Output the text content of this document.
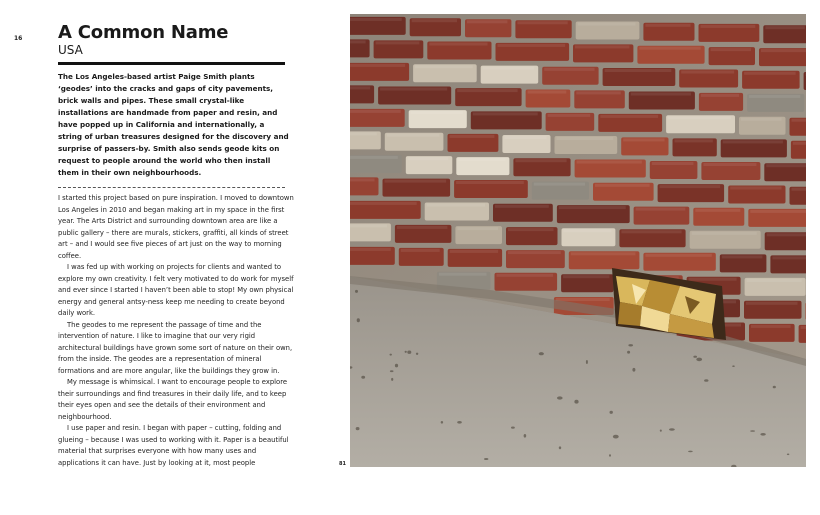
16 A Common Name
USA
The Los Angeles-based artist Paige Smith plants ‘geodes’ into the cracks and gaps of city pavements, brick walls and pipes. These small crystal-like installations are handmade from paper and resin, and have popped up in California and internationally, a string of urban treasures designed for the discovery and surprise of passers-by. Smith also sends geode kits on request to people around the world who then install them in their own neighbourhoods.

I started this project based on pure inspiration. I moved to downtown Los Angeles in 2010 and began making art in my space in the first year. The Arts District and surrounding downtown area are like a public gallery – there are murals, stickers, graffiti, all kinds of street art – and I would see five pieces of art just on the way to morning coffee.

I was fed up with working on projects for clients and wanted to explore my own creativity. I felt very motivated to do work for myself and ever since I started I haven’t been able to stop! My own physical energy and general antsy-ness keep me needing to create beyond daily work.

The geodes to me represent the passage of time and the intervention of nature. I like to imagine that our very rigid architectural buildings have grown some sort of nature on their own, from the inside. The geodes are a representation of mineral formations and are more angular, like the buildings they grow in.

My message is whimsical. I want to encourage people to explore their surroundings and find treasures in their daily life, and to keep their eyes open and see the details of their environment and neighbourhood.

I use paper and resin. I began with paper – cutting, folding and glueing – because I was used to working with it. Paper is a beautiful material that surprises everyone with how many uses and applications it can have. Just by looking at it, most people	81
